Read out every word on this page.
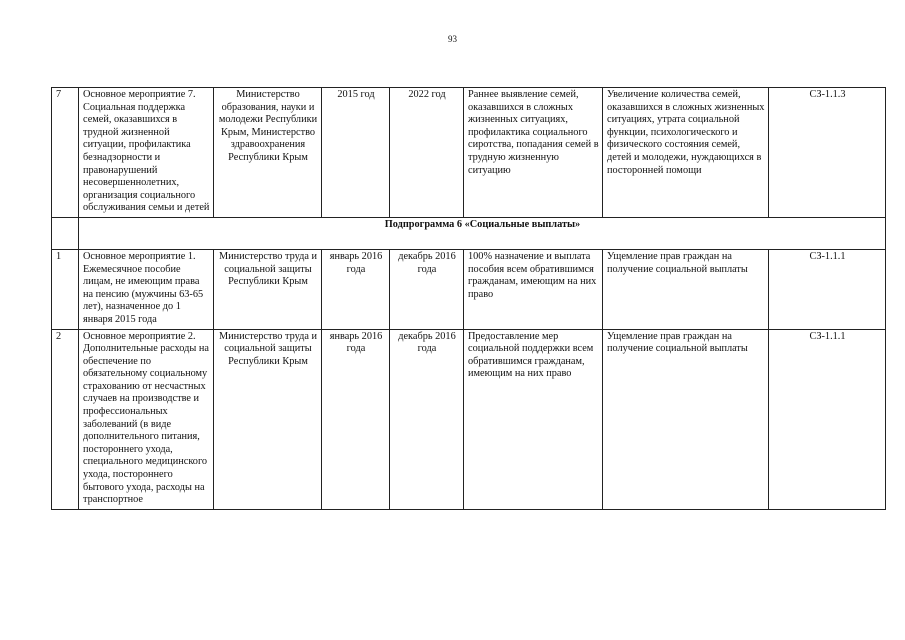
93
7	Основное мероприятие 7. Социальная поддержка семей, оказавшихся в трудной жизненной ситуации, профилактика безнадзорности и правонарушений несовершеннолетних, организация социального обслуживания семьи и детей	Министерство образования, науки и молодежи Республики Крым, Министерство здравоохранения Республики Крым	2015 год	2022 год	Раннее выявление семей, оказавшихся в сложных жизненных ситуациях, профилактика социального сиротства, попадания семей в трудную жизненную ситуацию	Увеличение количества семей, оказавшихся в сложных жизненных ситуациях, утрата социальной функции, психологического и физического состояния семей, детей и молодежи, нуждающихся в посторонней помощи	СЗ-1.1.3
	Подпрограмма 6 «Социальные выплаты»						
1	Основное мероприятие 1. Ежемесячное пособие лицам, не имеющим права на пенсию (мужчины 63-65 лет), назначенное до 1 января 2015 года	Министерство труда и социальной защиты Республики Крым	январь 2016 года	декабрь 2016 года	100% назначение и выплата пособия всем обратившимся гражданам, имеющим на них право	Ущемление прав граждан на получение социальной выплаты	СЗ-1.1.1
2	Основное мероприятие 2. Дополнительные расходы на обеспечение по обязательному социальному страхованию от несчастных случаев на производстве и профессиональных заболеваний (в виде дополнительного питания, постороннего ухода, специального медицинского ухода, постороннего бытового ухода, расходы на транспортное	Министерство труда и социальной защиты Республики Крым	январь 2016 года	декабрь 2016 года	Предоставление мер социальной поддержки всем обратившимся гражданам, имеющим на них право	Ущемление прав граждан на получение социальной выплаты	СЗ-1.1.1
